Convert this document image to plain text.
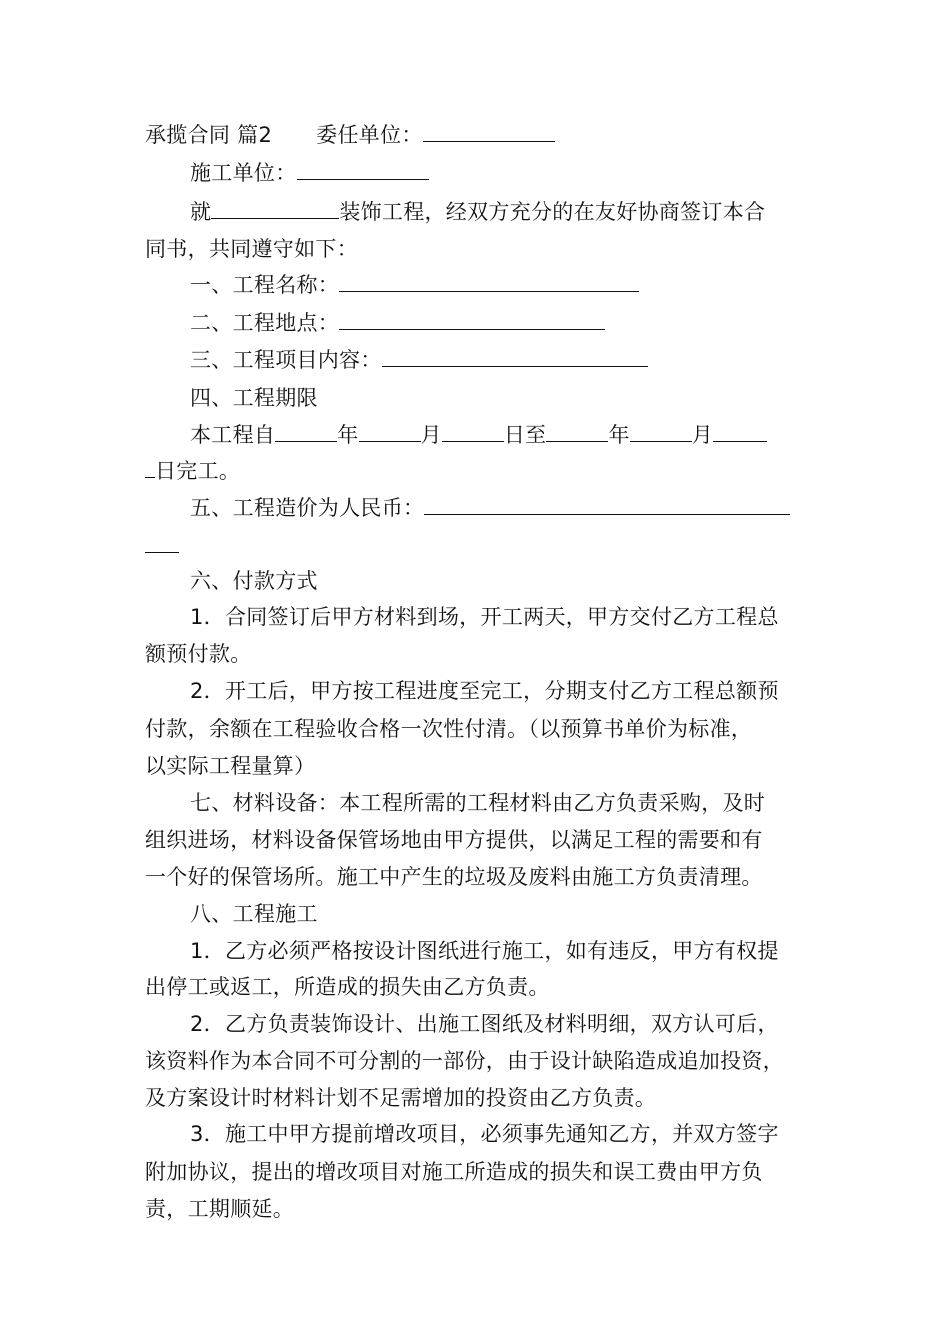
承揽合同 篇2 委任单位：
施工单位：
就	装饰工程，经双方充分的在友好协商签订本合
同书，共同遵守如下：
一、工程名称：
二、工程地点：
三、工程项目内容：
四、工程期限
本工程自	年	月	日至	年	月
日完工。
五、工程造价为人民币：
六、付款方式
1．合同签订后甲方材料到场，开工两天，甲方交付乙方工程总
额预付款。
2．开工后，甲方按工程进度至完工，分期支付乙方工程总额预
付款，余额在工程验收合格一次性付清。（以预算书单价为标准，
以实际工程量算）
七、材料设备：本工程所需的工程材料由乙方负责采购，及时
组织进场，材料设备保管场地由甲方提供，以满足工程的需要和有
一个好的保管场所。施工中产生的垃圾及废料由施工方负责清理。
八、工程施工
1．乙方必须严格按设计图纸进行施工，如有违反，甲方有权提
出停工或返工，所造成的损失由乙方负责。
2．乙方负责装饰设计、出施工图纸及材料明细，双方认可后，
该资料作为本合同不可分割的一部份，由于设计缺陷造成追加投资，
及方案设计时材料计划不足需增加的投资由乙方负责。
3．施工中甲方提前增改项目，必须事先通知乙方，并双方签字
附加协议，提出的增改项目对施工所造成的损失和误工费由甲方负
责，工期顺延。
